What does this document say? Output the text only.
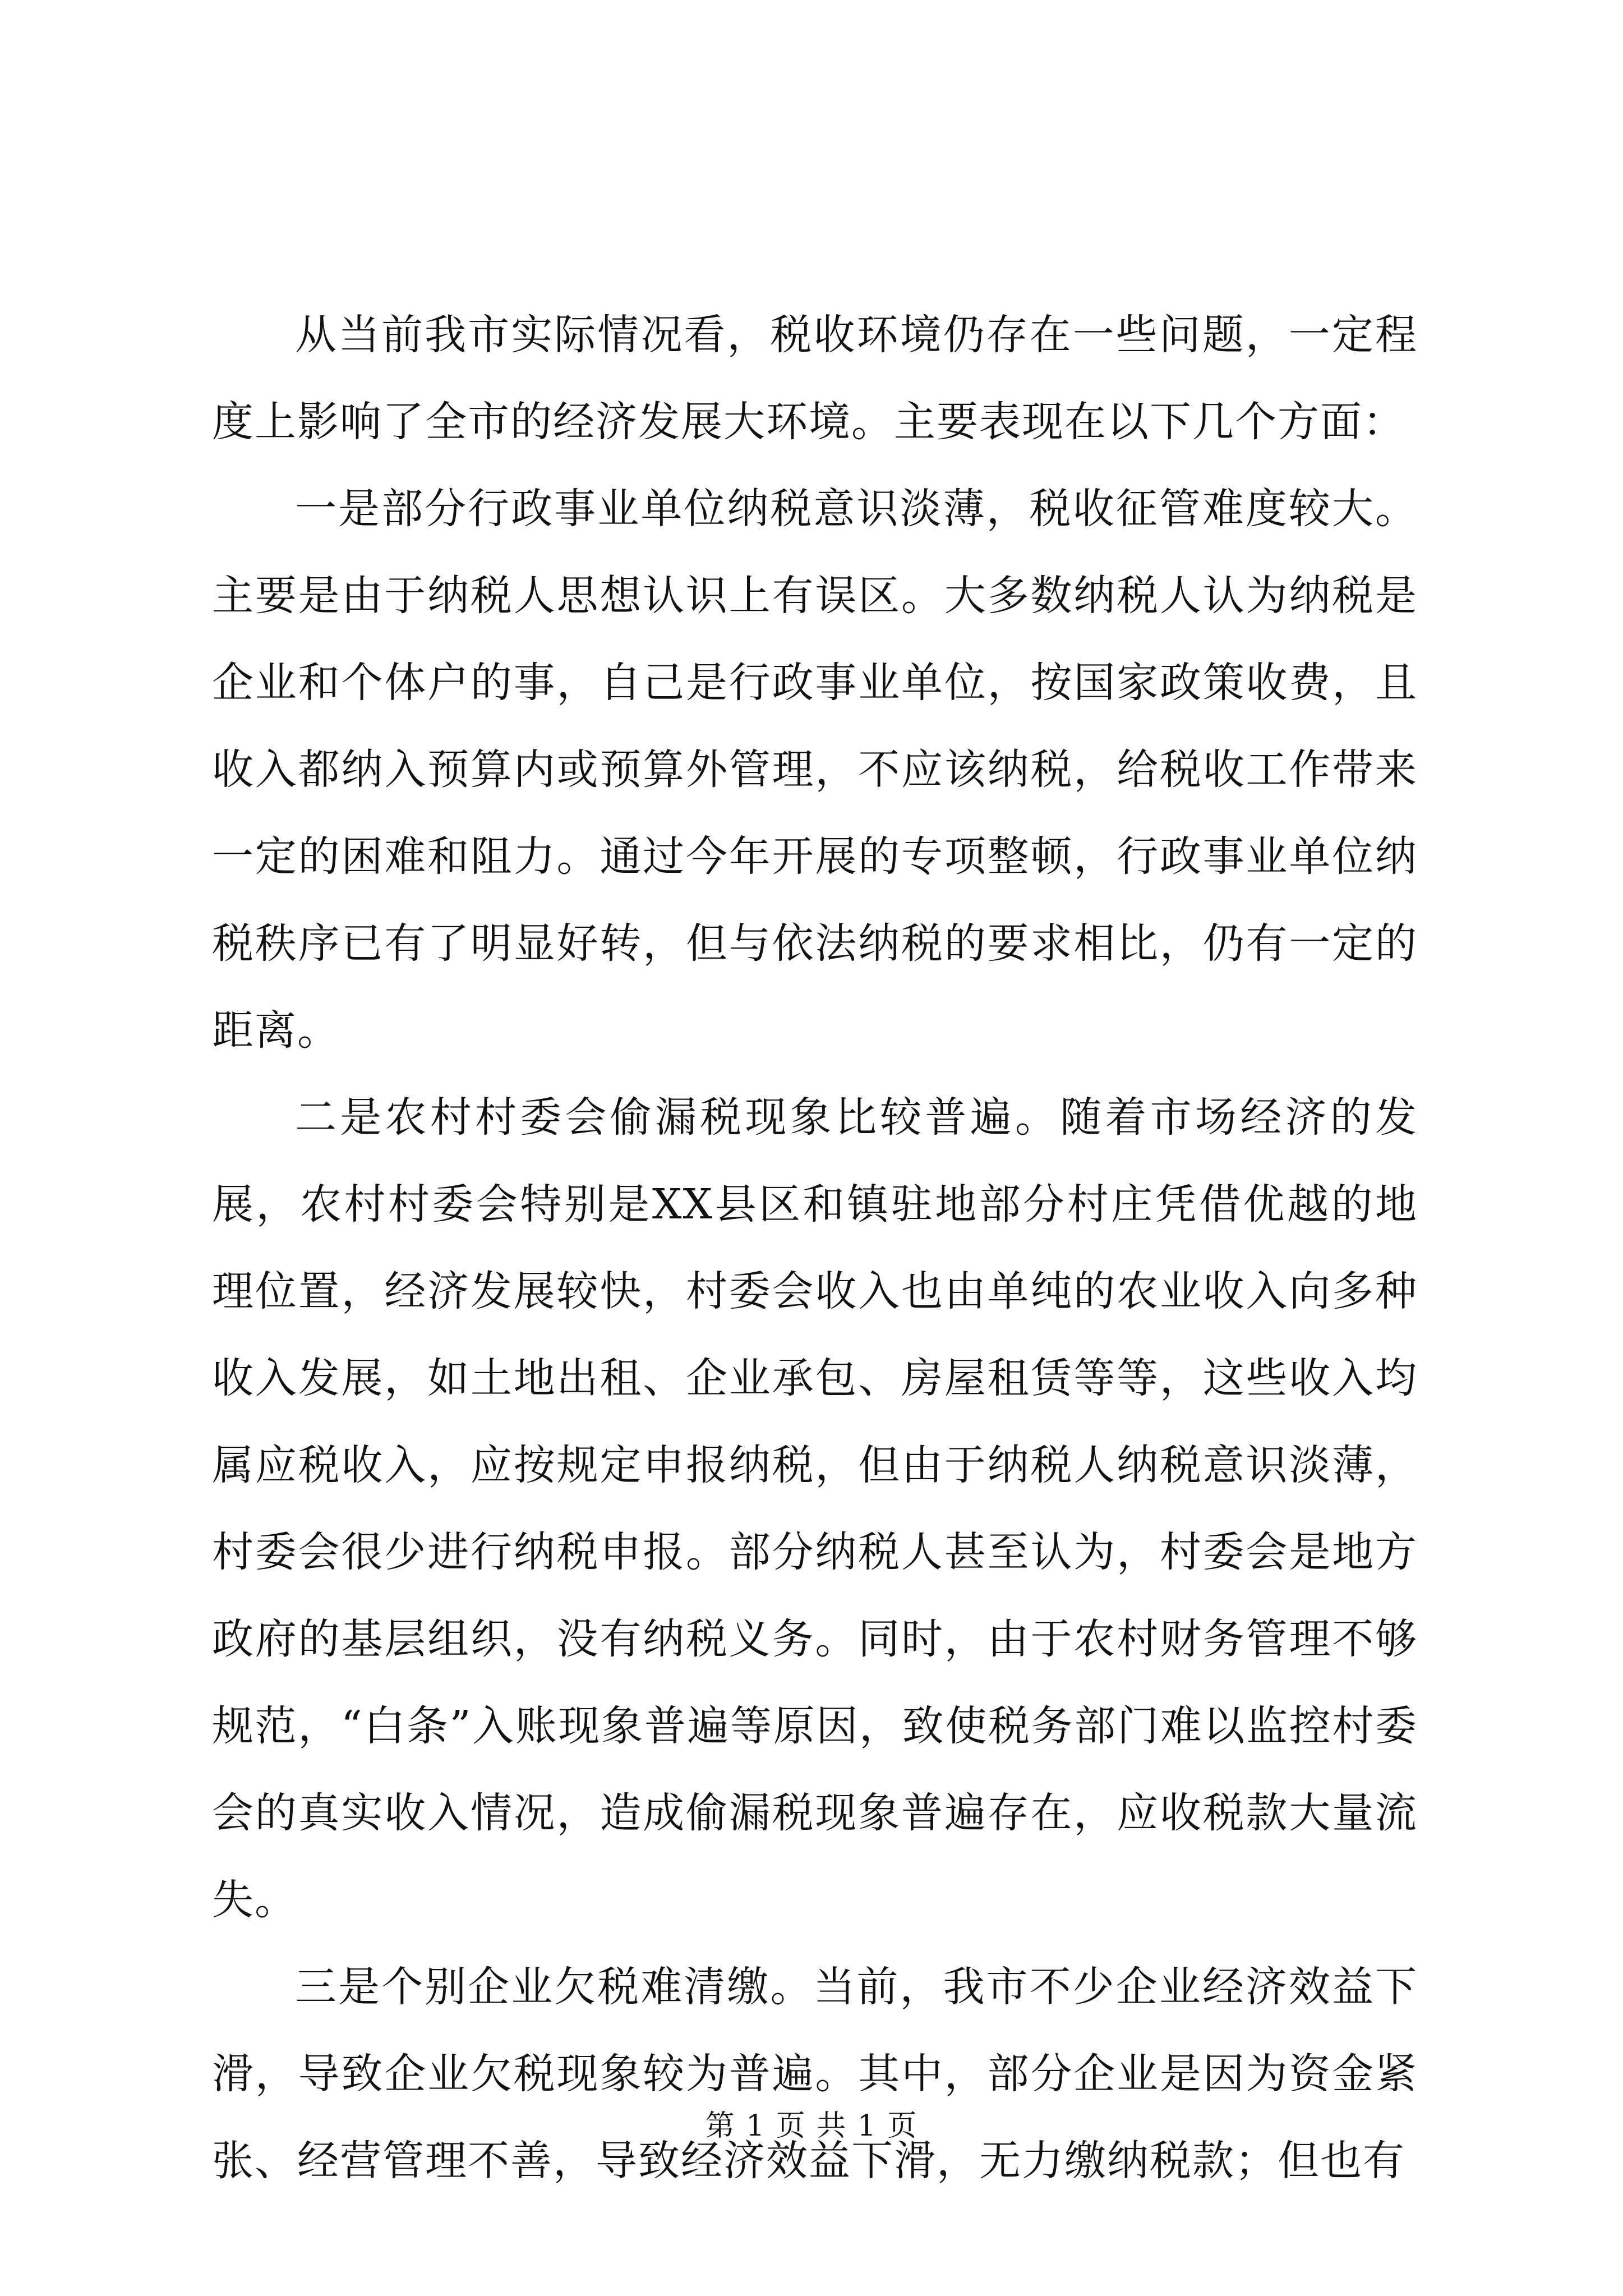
从当前我市实际情况看，税收环境仍存在一些问题，一定程度上影响了全市的经济发展大环境。主要表现在以下几个方面：

一是部分行政事业单位纳税意识淡薄，税收征管难度较大。主要是由于纳税人思想认识上有误区。大多数纳税人认为纳税是企业和个体户的事，自己是行政事业单位，按国家政策收费，且收入都纳入预算内或预算外管理，不应该纳税，给税收工作带来一定的困难和阻力。通过今年开展的专项整顿，行政事业单位纳税秩序已有了明显好转，但与依法纳税的要求相比，仍有一定的距离。

二是农村村委会偷漏税现象比较普遍。随着市场经济的发展，农村村委会特别是XX县区和镇驻地部分村庄凭借优越的地理位置，经济发展较快，村委会收入也由单纯的农业收入向多种收入发展，如土地出租、企业承包、房屋租赁等等，这些收入均属应税收入，应按规定申报纳税，但由于纳税人纳税意识淡薄，村委会很少进行纳税申报。部分纳税人甚至认为，村委会是地方政府的基层组织，没有纳税义务。同时，由于农村财务管理不够规范，“白条”入账现象普遍等原因，致使税务部门难以监控村委会的真实收入情况，造成偷漏税现象普遍存在，应收税款大量流失。

三是个别企业欠税难清缴。当前，我市不少企业经济效益下滑，导致企业欠税现象较为普遍。其中，部分企业是因为资金紧张、经营管理不善，导致经济效益下滑，无力缴纳税款；但也有

第 1 页 共 1 页
